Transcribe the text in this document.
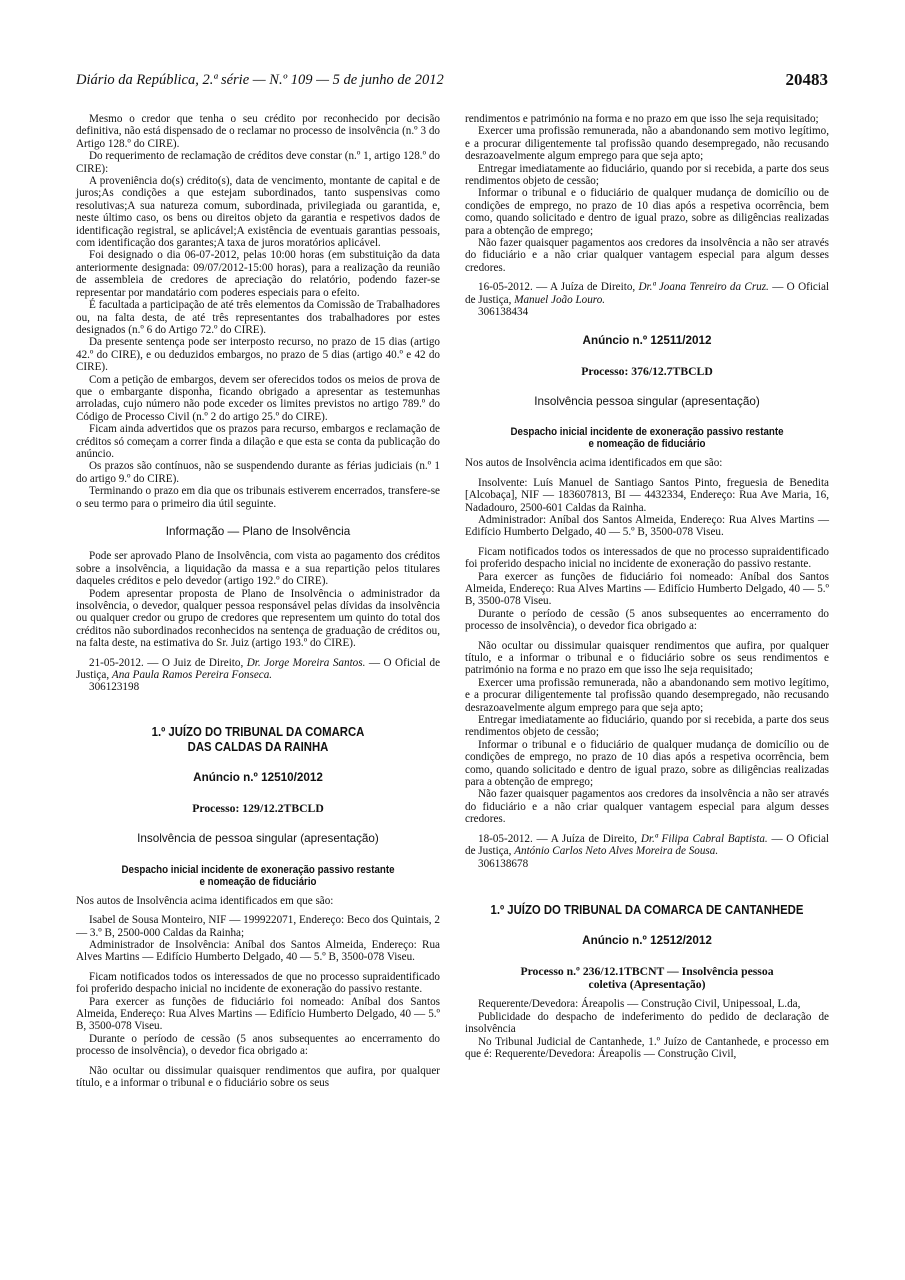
Diário da República, 2.ª série — N.º 109 — 5 de junho de 2012	20483

Mesmo o credor que tenha o seu crédito por reconhecido por decisão definitiva, não está dispensado de o reclamar no processo de insolvência (n.º 3 do Artigo 128.º do CIRE).

Do requerimento de reclamação de créditos deve constar (n.º 1, artigo 128.º do CIRE):

A proveniência do(s) crédito(s), data de vencimento, montante de capital e de juros;As condições a que estejam subordinados, tanto suspensivas como resolutivas;A sua natureza comum, subordinada, privilegiada ou garantida, e, neste último caso, os bens ou direitos objeto da garantia e respetivos dados de identificação registral, se aplicável;A existência de eventuais garantias pessoais, com identificação dos garantes;A taxa de juros moratórios aplicável.

Foi designado o dia 06-07-2012, pelas 10:00 horas (em substituição da data anteriormente designada: 09/07/2012-15:00 horas), para a realização da reunião de assembleia de credores de apreciação do relatório, podendo fazer-se representar por mandatário com poderes especiais para o efeito.

É facultada a participação de até três elementos da Comissão de Trabalhadores ou, na falta desta, de até três representantes dos trabalhadores por estes designados (n.º 6 do Artigo 72.º do CIRE).

Da presente sentença pode ser interposto recurso, no prazo de 15 dias (artigo 42.º do CIRE), e ou deduzidos embargos, no prazo de 5 dias (artigo 40.º e 42 do CIRE).

Com a petição de embargos, devem ser oferecidos todos os meios de prova de que o embargante disponha, ficando obrigado a apresentar as testemunhas arroladas, cujo número não pode exceder os limites previstos no artigo 789.º do Código de Processo Civil (n.º 2 do artigo 25.º do CIRE).

Ficam ainda advertidos que os prazos para recurso, embargos e reclamação de créditos só começam a correr finda a dilação e que esta se conta da publicação do anúncio.

Os prazos são contínuos, não se suspendendo durante as férias judiciais (n.º 1 do artigo 9.º do CIRE).

Terminando o prazo em dia que os tribunais estiverem encerrados, transfere-se o seu termo para o primeiro dia útil seguinte.

Informação — Plano de Insolvência

Pode ser aprovado Plano de Insolvência, com vista ao pagamento dos créditos sobre a insolvência, a liquidação da massa e a sua repartição pelos titulares daqueles créditos e pelo devedor (artigo 192.º do CIRE).

Podem apresentar proposta de Plano de Insolvência o administrador da insolvência, o devedor, qualquer pessoa responsável pelas dívidas da insolvência ou qualquer credor ou grupo de credores que representem um quinto do total dos créditos não subordinados reconhecidos na sentença de graduação de créditos ou, na falta deste, na estimativa do Sr. Juiz (artigo 193.º do CIRE).

21-05-2012. — O Juiz de Direito, Dr. Jorge Moreira Santos. — O Oficial de Justiça, Ana Paula Ramos Pereira Fonseca.

306123198

1.º JUÍZO DO TRIBUNAL DA COMARCA
DAS CALDAS DA RAINHA
Anúncio n.º 12510/2012
Processo: 129/12.2TBCLD
Insolvência de pessoa singular (apresentação)
Despacho inicial incidente de exoneração passivo restante
e nomeação de fiduciário

Nos autos de Insolvência acima identificados em que são:

Isabel de Sousa Monteiro, NIF — 199922071, Endereço: Beco dos Quintais, 2 — 3.º B, 2500-000 Caldas da Rainha;

Administrador de Insolvência: Aníbal dos Santos Almeida, Endereço: Rua Alves Martins — Edifício Humberto Delgado, 40 — 5.º B, 3500-078 Viseu.

Ficam notificados todos os interessados de que no processo supraidentificado foi proferido despacho inicial no incidente de exoneração do passivo restante.

Para exercer as funções de fiduciário foi nomeado: Aníbal dos Santos Almeida, Endereço: Rua Alves Martins — Edifício Humberto Delgado, 40 — 5.º B, 3500-078 Viseu.

Durante o período de cessão (5 anos subsequentes ao encerramento do processo de insolvência), o devedor fica obrigado a:

Não ocultar ou dissimular quaisquer rendimentos que aufira, por qualquer título, e a informar o tribunal e o fiduciário sobre os seus

rendimentos e património na forma e no prazo em que isso lhe seja requisitado;

Exercer uma profissão remunerada, não a abandonando sem motivo legítimo, e a procurar diligentemente tal profissão quando desempregado, não recusando desrazoavelmente algum emprego para que seja apto;

Entregar imediatamente ao fiduciário, quando por si recebida, a parte dos seus rendimentos objeto de cessão;

Informar o tribunal e o fiduciário de qualquer mudança de domicílio ou de condições de emprego, no prazo de 10 dias após a respetiva ocorrência, bem como, quando solicitado e dentro de igual prazo, sobre as diligências realizadas para a obtenção de emprego;

Não fazer quaisquer pagamentos aos credores da insolvência a não ser através do fiduciário e a não criar qualquer vantagem especial para algum desses credores.

16-05-2012. — A Juíza de Direito, Dr.ª Joana Tenreiro da Cruz. — O Oficial de Justiça, Manuel João Louro.

306138434

Anúncio n.º 12511/2012
Processo: 376/12.7TBCLD
Insolvência pessoa singular (apresentação)
Despacho inicial incidente de exoneração passivo restante
e nomeação de fiduciário

Nos autos de Insolvência acima identificados em que são:

Insolvente: Luís Manuel de Santiago Santos Pinto, freguesia de Benedita [Alcobaça], NIF — 183607813, BI — 4432334, Endereço: Rua Ave Maria, 16, Nadadouro, 2500-601 Caldas da Rainha.

Administrador: Aníbal dos Santos Almeida, Endereço: Rua Alves Martins — Edifício Humberto Delgado, 40 — 5.º B, 3500-078 Viseu.

Ficam notificados todos os interessados de que no processo supraidentificado foi proferido despacho inicial no incidente de exoneração do passivo restante.

Para exercer as funções de fiduciário foi nomeado: Aníbal dos Santos Almeida, Endereço: Rua Alves Martins — Edifício Humberto Delgado, 40 — 5.º B, 3500-078 Viseu.

Durante o período de cessão (5 anos subsequentes ao encerramento do processo de insolvência), o devedor fica obrigado a:

Não ocultar ou dissimular quaisquer rendimentos que aufira, por qualquer título, e a informar o tribunal e o fiduciário sobre os seus rendimentos e património na forma e no prazo em que isso lhe seja requisitado;

Exercer uma profissão remunerada, não a abandonando sem motivo legítimo, e a procurar diligentemente tal profissão quando desempregado, não recusando desrazoavelmente algum emprego para que seja apto;

Entregar imediatamente ao fiduciário, quando por si recebida, a parte dos seus rendimentos objeto de cessão;

Informar o tribunal e o fiduciário de qualquer mudança de domicílio ou de condições de emprego, no prazo de 10 dias após a respetiva ocorrência, bem como, quando solicitado e dentro de igual prazo, sobre as diligências realizadas para a obtenção de emprego;

Não fazer quaisquer pagamentos aos credores da insolvência a não ser através do fiduciário e a não criar qualquer vantagem especial para algum desses credores.

18-05-2012. — A Juíza de Direito, Dr.ª Filipa Cabral Baptista. — O Oficial de Justiça, António Carlos Neto Alves Moreira de Sousa.

306138678

1.º JUÍZO DO TRIBUNAL DA COMARCA DE CANTANHEDE
Anúncio n.º 12512/2012
Processo n.º 236/12.1TBCNT — Insolvência pessoa
coletiva (Apresentação)

Requerente/Devedora: Áreapolis — Construção Civil, Unipessoal, L.da,

Publicidade do despacho de indeferimento do pedido de declaração de insolvência

No Tribunal Judicial de Cantanhede, 1.º Juízo de Cantanhede, e processo em que é: Requerente/Devedora: Áreapolis — Construção Civil,
